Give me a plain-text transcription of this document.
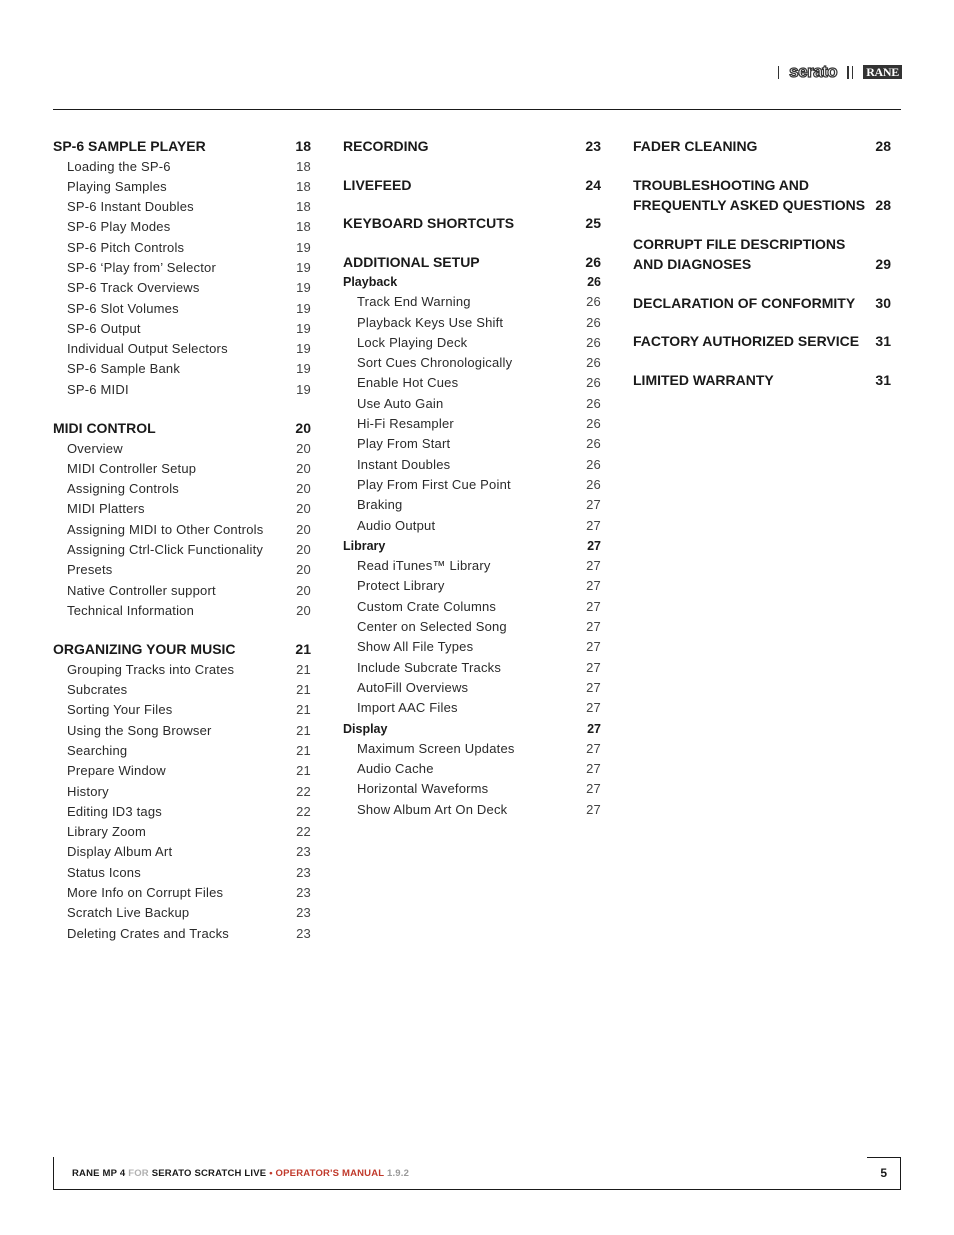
serato RANE
SP-6 SAMPLE PLAYER	18
Loading the SP-6	18
Playing Samples	18
SP-6 Instant Doubles	18
SP-6 Play Modes	18
SP-6 Pitch Controls	19
SP-6 ‘Play from’ Selector	19
SP-6 Track Overviews	19
SP-6 Slot Volumes	19
SP-6 Output	19
Individual Output Selectors	19
SP-6 Sample Bank	19
SP-6 MIDI	19
MIDI CONTROL	20
Overview	20
MIDI Controller Setup	20
Assigning Controls	20
MIDI Platters	20
Assigning MIDI to Other Controls	20
Assigning Ctrl-Click Functionality	20
Presets	20
Native Controller support	20
Technical Information	20
ORGANIZING YOUR MUSIC	21
Grouping Tracks into Crates	21
Subcrates	21
Sorting Your Files	21
Using the Song Browser	21
Searching	21
Prepare Window	21
History	22
Editing ID3 tags	22
Library Zoom	22
Display Album Art	23
Status Icons	23
More Info on Corrupt Files	23
Scratch Live Backup	23
Deleting Crates and Tracks	23
RECORDING	23
LIVEFEED	24
KEYBOARD SHORTCUTS	25
ADDITIONAL SETUP	26
Playback	26
Track End Warning	26
Playback Keys Use Shift	26
Lock Playing Deck	26
Sort Cues Chronologically	26
Enable Hot Cues	26
Use Auto Gain	26
Hi-Fi Resampler	26
Play From Start	26
Instant Doubles	26
Play From First Cue Point	26
Braking	27
Audio Output	27
Library	27
Read iTunes™ Library	27
Protect Library	27
Custom Crate Columns	27
Center on Selected Song	27
Show All File Types	27
Include Subcrate Tracks	27
AutoFill Overviews	27
Import AAC Files	27
Display	27
Maximum Screen Updates	27
Audio Cache	27
Horizontal Waveforms	27
Show Album Art On Deck	27
FADER CLEANING	28
TROUBLESHOOTING AND FREQUENTLY ASKED QUESTIONS 28
CORRUPT FILE DESCRIPTIONS AND DIAGNOSES	29
DECLARATION OF CONFORMITY 30
FACTORY AUTHORIZED SERVICE 31
LIMITED WARRANTY	31
RANE MP 4 FOR SERATO SCRATCH LIVE • OPERATOR'S MANUAL 1.9.2	5
